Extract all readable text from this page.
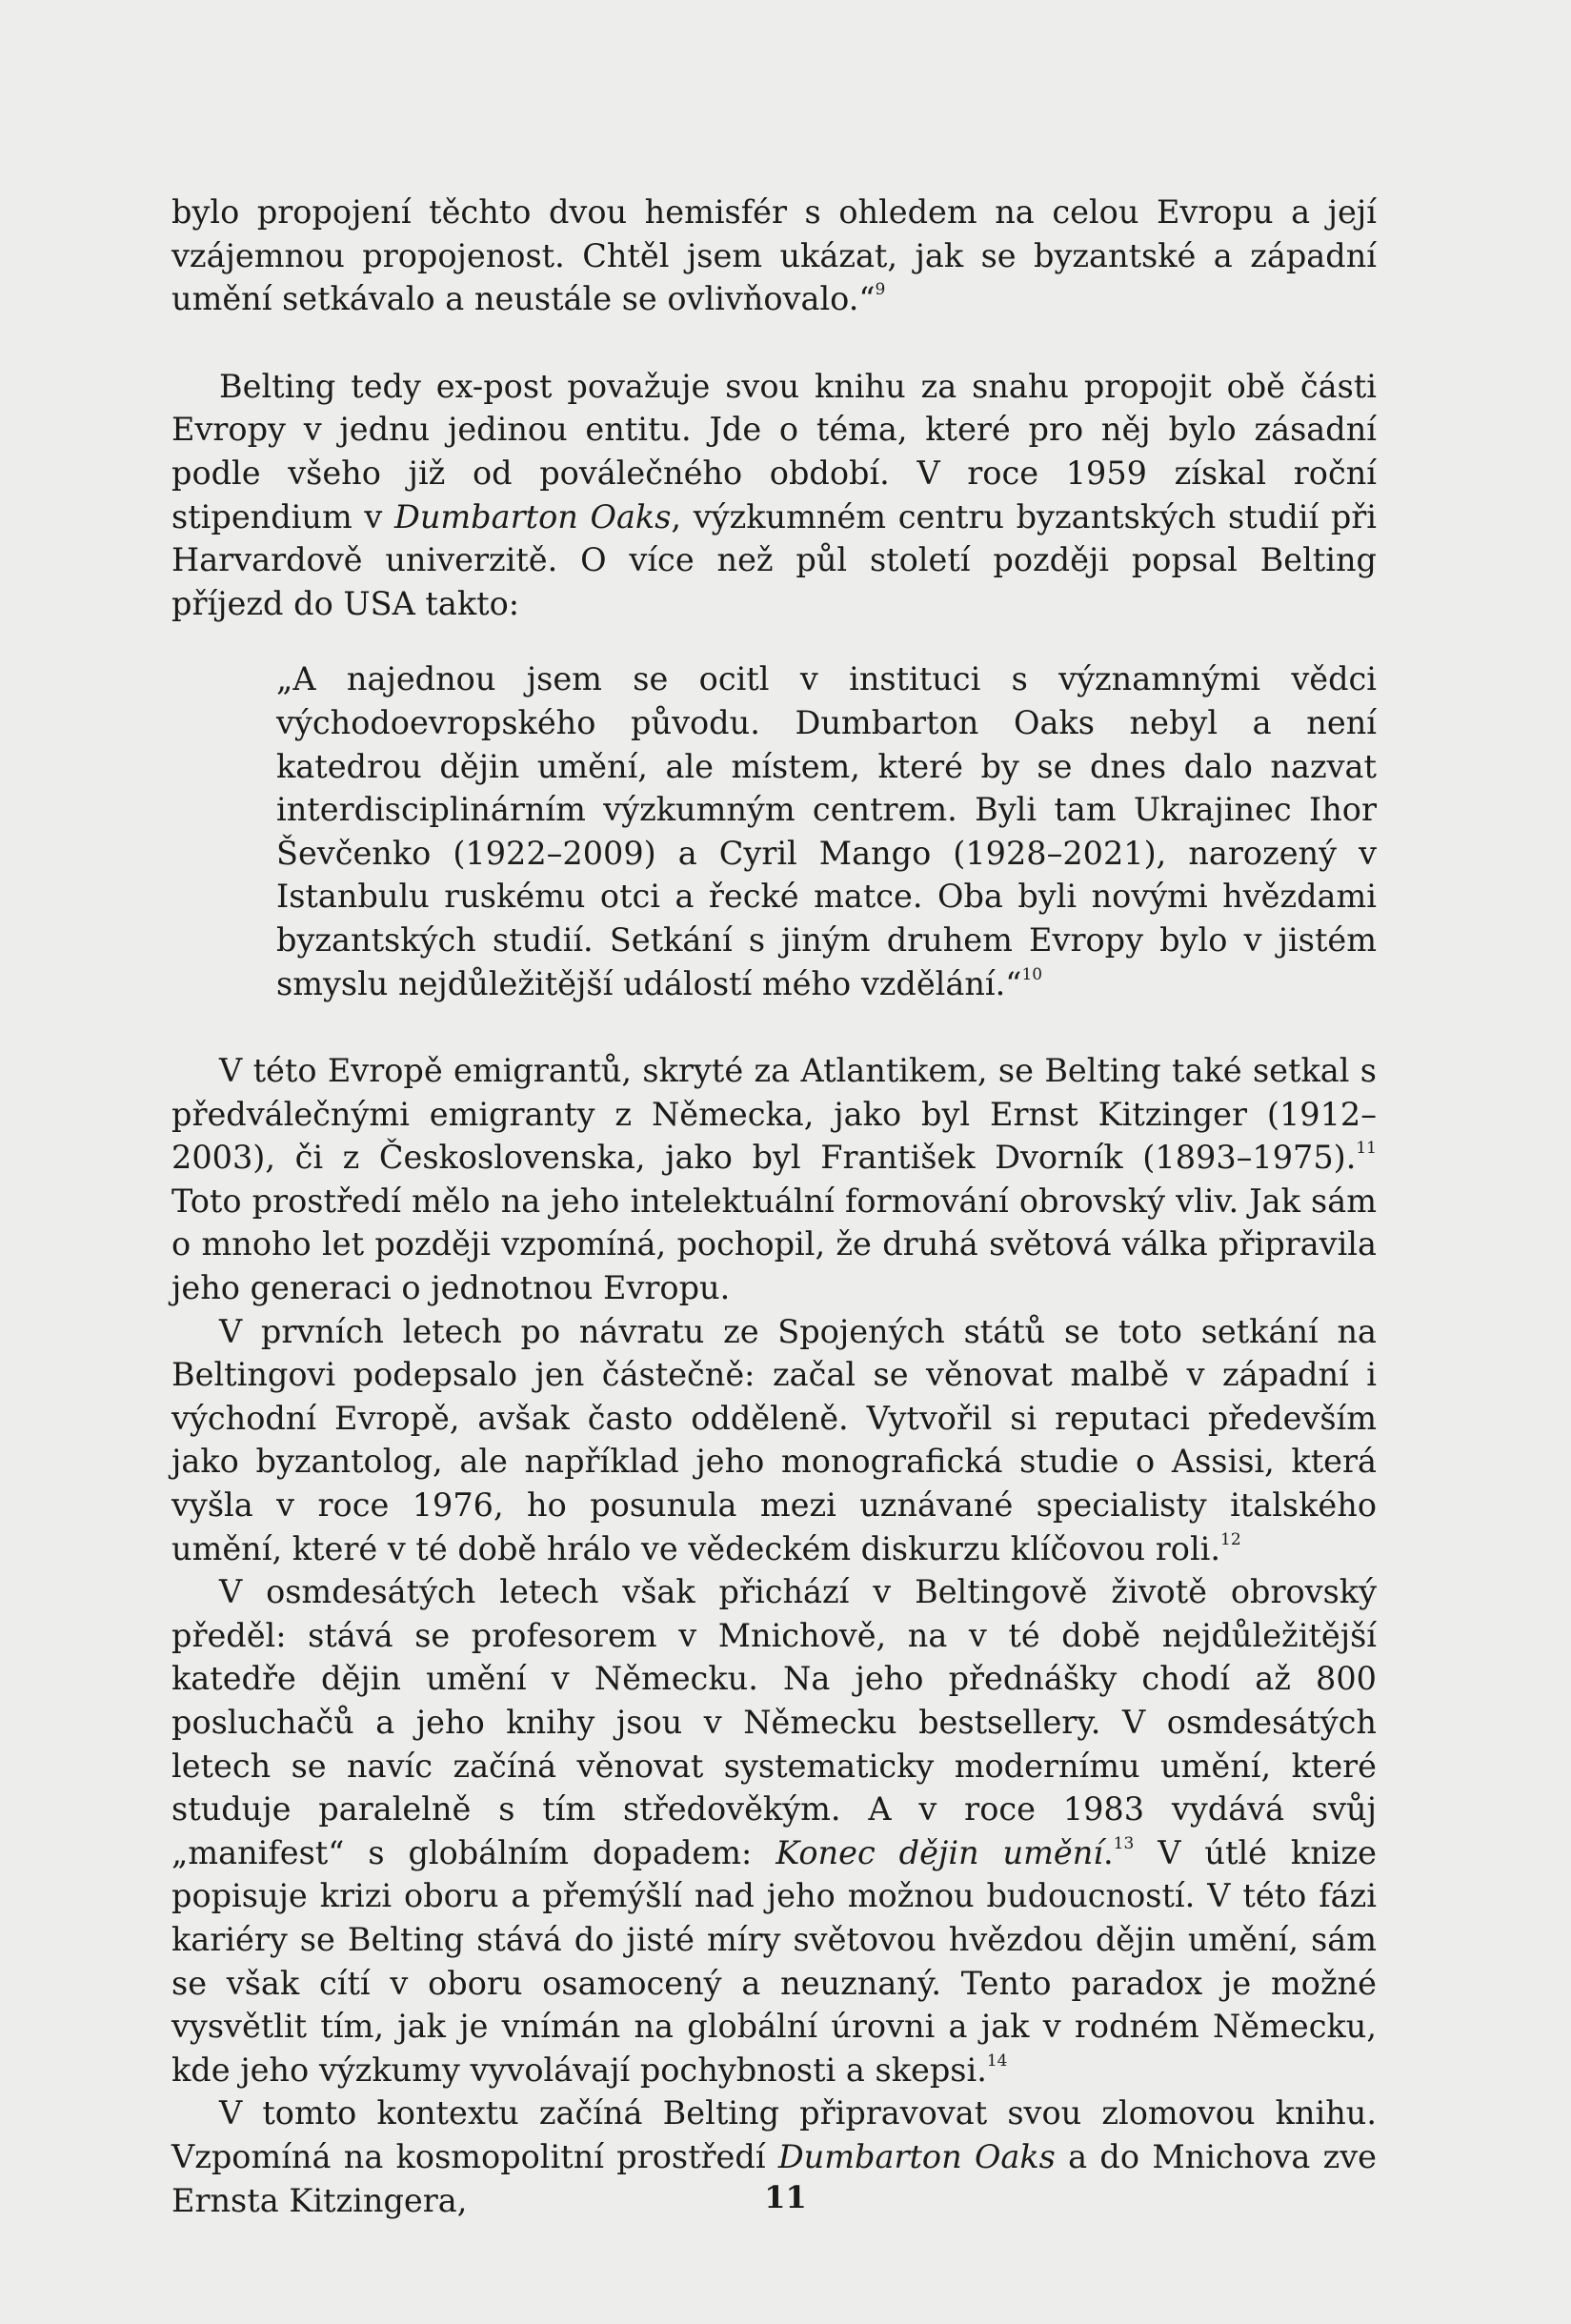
bylo propojení těchto dvou hemisfér s ohledem na celou Evropu a její vzájemnou propojenost. Chtěl jsem ukázat, jak se byzantské a západní umění setkávalo a neustále se ovlivňovalo.“$^9$

Belting tedy ex-post považuje svou knihu za snahu propojit obě části Evropy v jednu jedinou entitu. Jde o téma, které pro něj bylo zásadní podle všeho již od poválečného období. V roce 1959 získal roční stipendium v Dumbarton Oaks, výzkumném centru byzantských studií při Harvardově univerzitě. O více než půl století později popsal Belting příjezd do USA takto:

„A najednou jsem se ocitl v instituci s významnými vědci východoevropského původu. Dumbarton Oaks nebyl a není katedrou dějin umění, ale místem, které by se dnes dalo nazvat interdisciplinárním výzkumným centrem. Byli tam Ukrajinec Ihor Ševčenko (1922–2009) a Cyril Mango (1928–2021), narozený v Istanbulu ruskému otci a řecké matce. Oba byli novými hvězdami byzantských studií. Setkání s jiným druhem Evropy bylo v jistém smyslu nejdůležitější událostí mého vzdělání.“$^{10}$

V této Evropě emigrantů, skryté za Atlantikem, se Belting také setkal s předválečnými emigranty z Německa, jako byl Ernst Kitzinger (1912–2003), či z Československa, jako byl František Dvorník (1893–1975).$^{11}$ Toto prostředí mělo na jeho intelektuální formování obrovský vliv. Jak sám o mnoho let později vzpomíná, pochopil, že druhá světová válka připravila jeho generaci o jednotnou Evropu.

V prvních letech po návratu ze Spojených států se toto setkání na Beltingovi podepsalo jen částečně: začal se věnovat malbě v západní i východní Evropě, avšak často odděleně. Vytvořil si reputaci především jako byzantolog, ale například jeho monografická studie o Assisi, která vyšla v roce 1976, ho posunula mezi uznávané specialisty italského umění, které v té době hrálo ve vědeckém diskurzu klíčovou roli.$^{12}$

V osmdesátých letech však přichází v Beltingově životě obrovský předěl: stává se profesorem v Mnichově, na v té době nejdůležitější katedře dějin umění v Německu. Na jeho přednášky chodí až 800 posluchačů a jeho knihy jsou v Německu bestsellery. V osmdesátých letech se navíc začíná věnovat systematicky modernímu umění, které studuje paralelně s tím středověkým. A v roce 1983 vydává svůj „manifest“ s globálním dopadem: Konec dějin umění.$^{13}$ V útlé knize popisuje krizi oboru a přemýšlí nad jeho možnou budoucností. V této fázi kariéry se Belting stává do jisté míry světovou hvězdou dějin umění, sám se však cítí v oboru osamocený a neuznaný. Tento paradox je možné vysvětlit tím, jak je vnímán na globální úrovni a jak v rodném Německu, kde jeho výzkumy vyvolávají pochybnosti a skepsi.$^{14}$

V tomto kontextu začíná Belting připravovat svou zlomovou knihu. Vzpomíná na kosmopolitní prostředí Dumbarton Oaks a do Mnichova zve Ernsta Kitzingera,	11
